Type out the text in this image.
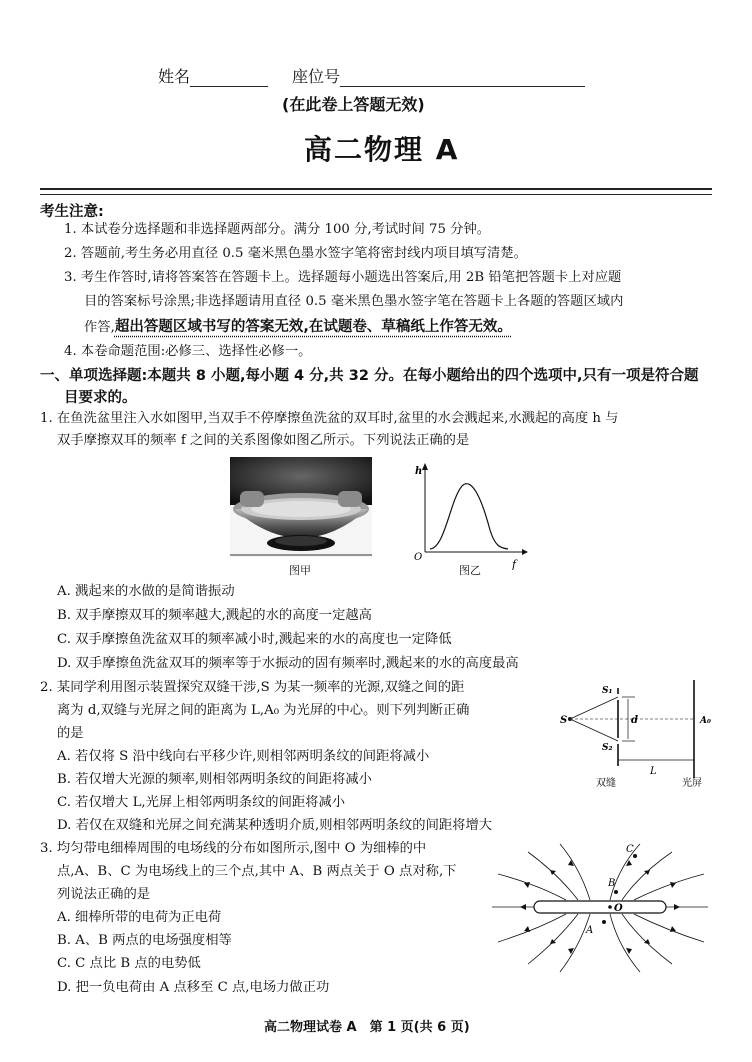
姓名	座位号
(在此卷上答题无效)
高二物理 A
考生注意:
1. 本试卷分选择题和非选择题两部分。满分 100 分,考试时间 75 分钟。
2. 答题前,考生务必用直径 0.5 毫米黑色墨水签字笔将密封线内项目填写清楚。
3. 考生作答时,请将答案答在答题卡上。选择题每小题选出答案后,用 2B 铅笔把答题卡上对应题
目的答案标号涂黑;非选择题请用直径 0.5 毫米黑色墨水签字笔在答题卡上各题的答题区域内
作答,超出答题区域书写的答案无效,在试题卷、草稿纸上作答无效。
4. 本卷命题范围:必修三、选择性必修一。
一、单项选择题:本题共 8 小题,每小题 4 分,共 32 分。在每小题给出的四个选项中,只有一项是符合题
目要求的。
1. 在鱼洗盆里注入水如图甲,当双手不停摩擦鱼洗盆的双耳时,盆里的水会溅起来,水溅起的高度 h 与
双手摩擦双耳的频率 f 之间的关系图像如图乙所示。下列说法正确的是
图甲
h
f
O
图乙
A. 溅起来的水做的是简谐振动
B. 双手摩擦双耳的频率越大,溅起的水的高度一定越高
C. 双手摩擦鱼洗盆双耳的频率减小时,溅起来的水的高度也一定降低
D. 双手摩擦鱼洗盆双耳的频率等于水振动的固有频率时,溅起来的水的高度最高
2. 某同学利用图示装置探究双缝干涉,S 为某一频率的光源,双缝之间的距
离为 d,双缝与光屏之间的距离为 L,A₀ 为光屏的中心。则下列判断正确
的是
S
S₁
S₂
d
L
A₀
双缝	光屏
A. 若仅将 S 沿中线向右平移少许,则相邻两明条纹的间距将减小
B. 若仅增大光源的频率,则相邻两明条纹的间距将减小
C. 若仅增大 L,光屏上相邻两明条纹的间距将减小
D. 若仅在双缝和光屏之间充满某种透明介质,则相邻两明条纹的间距将增大
3. 均匀带电细棒周围的电场线的分布如图所示,图中 O 为细棒的中
点,A、B、C 为电场线上的三个点,其中 A、B 两点关于 O 点对称,下
列说法正确的是
O
B
A
C
A. 细棒所带的电荷为正电荷
B. A、B 两点的电场强度相等
C. C 点比 B 点的电势低
D. 把一负电荷由 A 点移至 C 点,电场力做正功
高二物理试卷 A　第 1 页(共 6 页)
